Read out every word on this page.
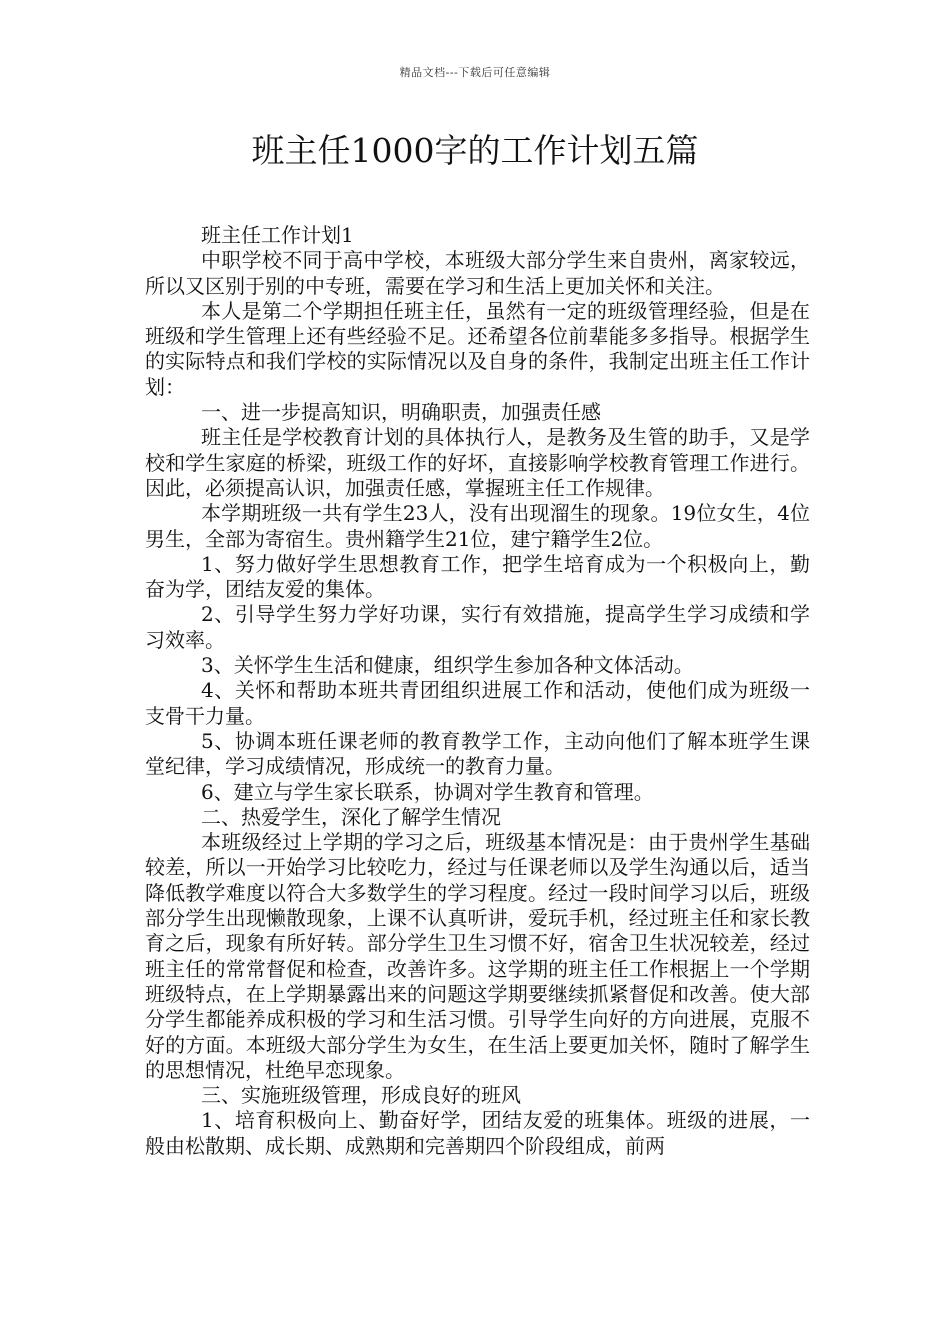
精品文档---下载后可任意编辑
班主任1000字的工作计划五篇

班主任工作计划1

中职学校不同于高中学校，本班级大部分学生来自贵州，离家较远，所以又区别于别的中专班，需要在学习和生活上更加关怀和关注。

本人是第二个学期担任班主任，虽然有一定的班级管理经验，但是在班级和学生管理上还有些经验不足。还希望各位前辈能多多指导。根据学生的实际特点和我们学校的实际情况以及自身的条件，我制定出班主任工作计划：

一、进一步提高知识，明确职责，加强责任感

班主任是学校教育计划的具体执行人，是教务及生管的助手，又是学校和学生家庭的桥梁，班级工作的好坏，直接影响学校教育管理工作进行。因此，必须提高认识，加强责任感，掌握班主任工作规律。

本学期班级一共有学生23人，没有出现溜生的现象。19位女生，4位男生，全部为寄宿生。贵州籍学生21位，建宁籍学生2位。

1、努力做好学生思想教育工作，把学生培育成为一个积极向上，勤奋为学，团结友爱的集体。

2、引导学生努力学好功课，实行有效措施，提高学生学习成绩和学习效率。

3、关怀学生生活和健康，组织学生参加各种文体活动。

4、关怀和帮助本班共青团组织进展工作和活动，使他们成为班级一支骨干力量。

5、协调本班任课老师的教育教学工作，主动向他们了解本班学生课堂纪律，学习成绩情况，形成统一的教育力量。

6、建立与学生家长联系，协调对学生教育和管理。

二、热爱学生，深化了解学生情况

本班级经过上学期的学习之后，班级基本情况是：由于贵州学生基础较差，所以一开始学习比较吃力，经过与任课老师以及学生沟通以后，适当降低教学难度以符合大多数学生的学习程度。经过一段时间学习以后，班级部分学生出现懒散现象，上课不认真听讲，爱玩手机，经过班主任和家长教育之后，现象有所好转。部分学生卫生习惯不好，宿舍卫生状况较差，经过班主任的常常督促和检查，改善许多。这学期的班主任工作根据上一个学期班级特点，在上学期暴露出来的问题这学期要继续抓紧督促和改善。使大部分学生都能养成积极的学习和生活习惯。引导学生向好的方向进展，克服不好的方面。本班级大部分学生为女生，在生活上要更加关怀，随时了解学生的思想情况，杜绝早恋现象。

三、实施班级管理，形成良好的班风

1、培育积极向上、勤奋好学，团结友爱的班集体。班级的进展，一般由松散期、成长期、成熟期和完善期四个阶段组成，前两
